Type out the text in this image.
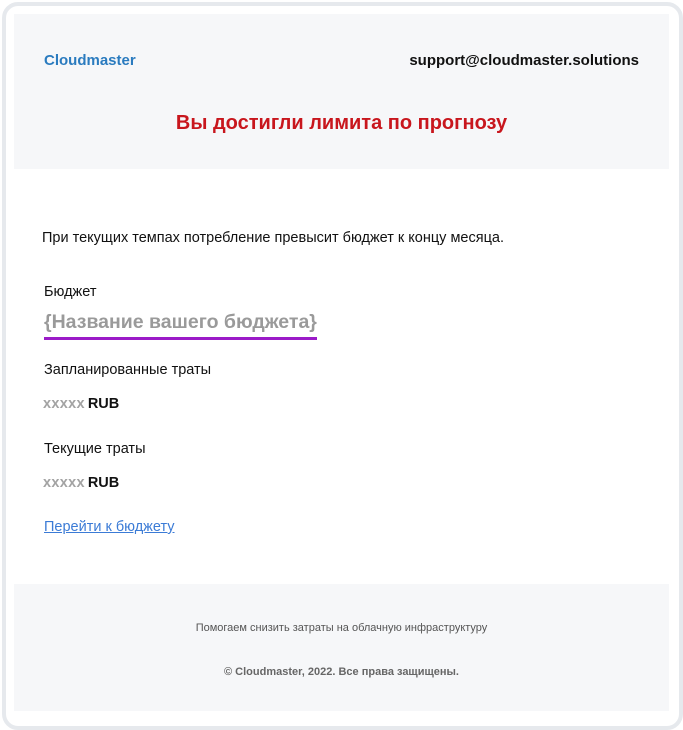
Cloudmaster	support@cloudmaster.solutions
Вы достигли лимита по прогнозу
При текущих темпах потребление превысит бюджет к концу месяца.
Бюджет
{Название вашего бюджета}
Запланированные траты
xxxxx RUB
Текущие траты
xxxxx RUB
Перейти к бюджету
Помогаем снизить затраты на облачную инфраструктуру
© Cloudmaster, 2022. Все права защищены.
